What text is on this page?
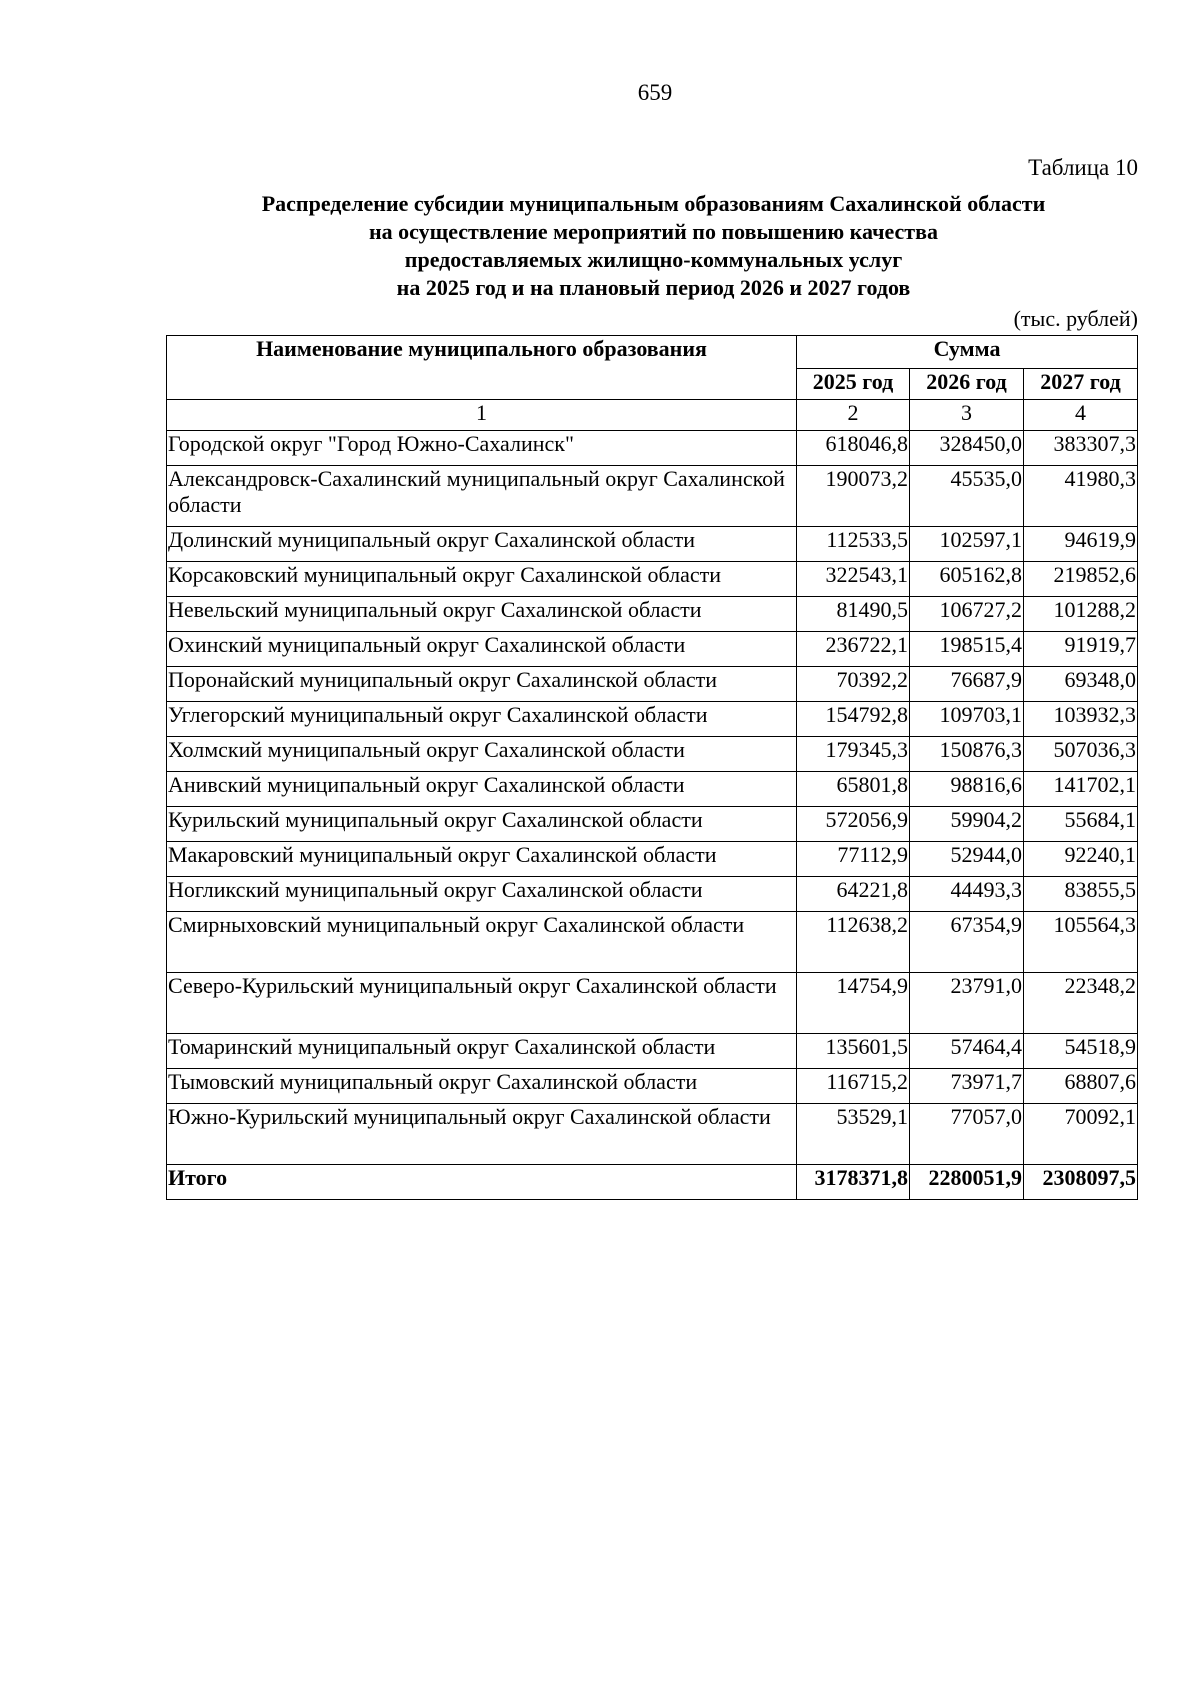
659
Таблица 10
Распределение субсидии муниципальным образованиям Сахалинской области
на осуществление мероприятий по повышению качества
предоставляемых жилищно-коммунальных услуг
на 2025 год и на плановый период 2026 и 2027 годов
(тыс. рублей)
Наименование муниципального образования	Сумма		
	2025 год	2026 год	2027 год
1	2	3	4
Городской округ "Город Южно-Сахалинск"	618046,8	328450,0	383307,3
Александровск-Сахалинский муниципальный округ Сахалинской области	190073,2	45535,0	41980,3
Долинский муниципальный округ Сахалинской области	112533,5	102597,1	94619,9
Корсаковский муниципальный округ Сахалинской области	322543,1	605162,8	219852,6
Невельский муниципальный округ Сахалинской области	81490,5	106727,2	101288,2
Охинский муниципальный округ Сахалинской области	236722,1	198515,4	91919,7
Поронайский муниципальный округ Сахалинской области	70392,2	76687,9	69348,0
Углегорский муниципальный округ Сахалинской области	154792,8	109703,1	103932,3
Холмский муниципальный округ Сахалинской области	179345,3	150876,3	507036,3
Анивский муниципальный округ Сахалинской области	65801,8	98816,6	141702,1
Курильский муниципальный округ Сахалинской области	572056,9	59904,2	55684,1
Макаровский муниципальный округ Сахалинской области	77112,9	52944,0	92240,1
Ногликский муниципальный округ Сахалинской области	64221,8	44493,3	83855,5
Смирныховский муниципальный округ Сахалинской области	112638,2	67354,9	105564,3
Северо-Курильский муниципальный округ Сахалинской области	14754,9	23791,0	22348,2
Томаринский муниципальный округ Сахалинской области	135601,5	57464,4	54518,9
Тымовский муниципальный округ Сахалинской области	116715,2	73971,7	68807,6
Южно-Курильский муниципальный округ Сахалинской области	53529,1	77057,0	70092,1
Итого	3178371,8	2280051,9	2308097,5
